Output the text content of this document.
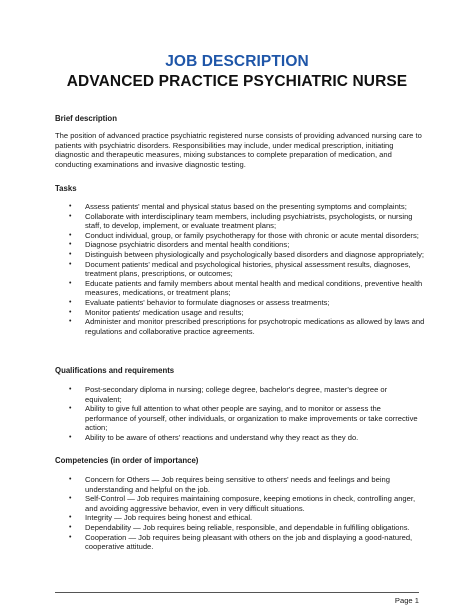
JOB DESCRIPTION
ADVANCED PRACTICE PSYCHIATRIC NURSE
Brief description

The position of advanced practice psychiatric registered nurse consists of providing advanced nursing care to patients with psychiatric disorders. Responsibilities may include, under medical prescription, initiating diagnostic and therapeutic measures, mixing substances to complete preparation of medication, and conducting examinations and invasive diagnostic testing.

Tasks
• Assess patients' mental and physical status based on the presenting symptoms and complaints;
• Collaborate with interdisciplinary team members, including psychiatrists, psychologists, or nursing staff, to develop, implement, or evaluate treatment plans;
• Conduct individual, group, or family psychotherapy for those with chronic or acute mental disorders;
• Diagnose psychiatric disorders and mental health conditions;
• Distinguish between physiologically and psychologically based disorders and diagnose appropriately;
• Document patients' medical and psychological histories, physical assessment results, diagnoses, treatment plans, prescriptions, or outcomes;
• Educate patients and family members about mental health and medical conditions, preventive health measures, medications, or treatment plans;
• Evaluate patients' behavior to formulate diagnoses or assess treatments;
• Monitor patients' medication usage and results;
• Administer and monitor prescribed prescriptions for psychotropic medications as allowed by laws and regulations and collaborative practice agreements.
Qualifications and requirements
• Post-secondary diploma in nursing; college degree, bachelor's degree, master's degree or equivalent;
• Ability to give full attention to what other people are saying, and to monitor or assess the performance of yourself, other individuals, or organization to make improvements or take corrective action;
• Ability to be aware of others' reactions and understand why they react as they do.
Competencies (in order of importance)
• Concern for Others — Job requires being sensitive to others' needs and feelings and being understanding and helpful on the job.
• Self-Control — Job requires maintaining composure, keeping emotions in check, controlling anger, and avoiding aggressive behavior, even in very difficult situations.
• Integrity — Job requires being honest and ethical.
• Dependability — Job requires being reliable, responsible, and dependable in fulfilling obligations.
• Cooperation — Job requires being pleasant with others on the job and displaying a good-natured, cooperative attitude.
Page 1
